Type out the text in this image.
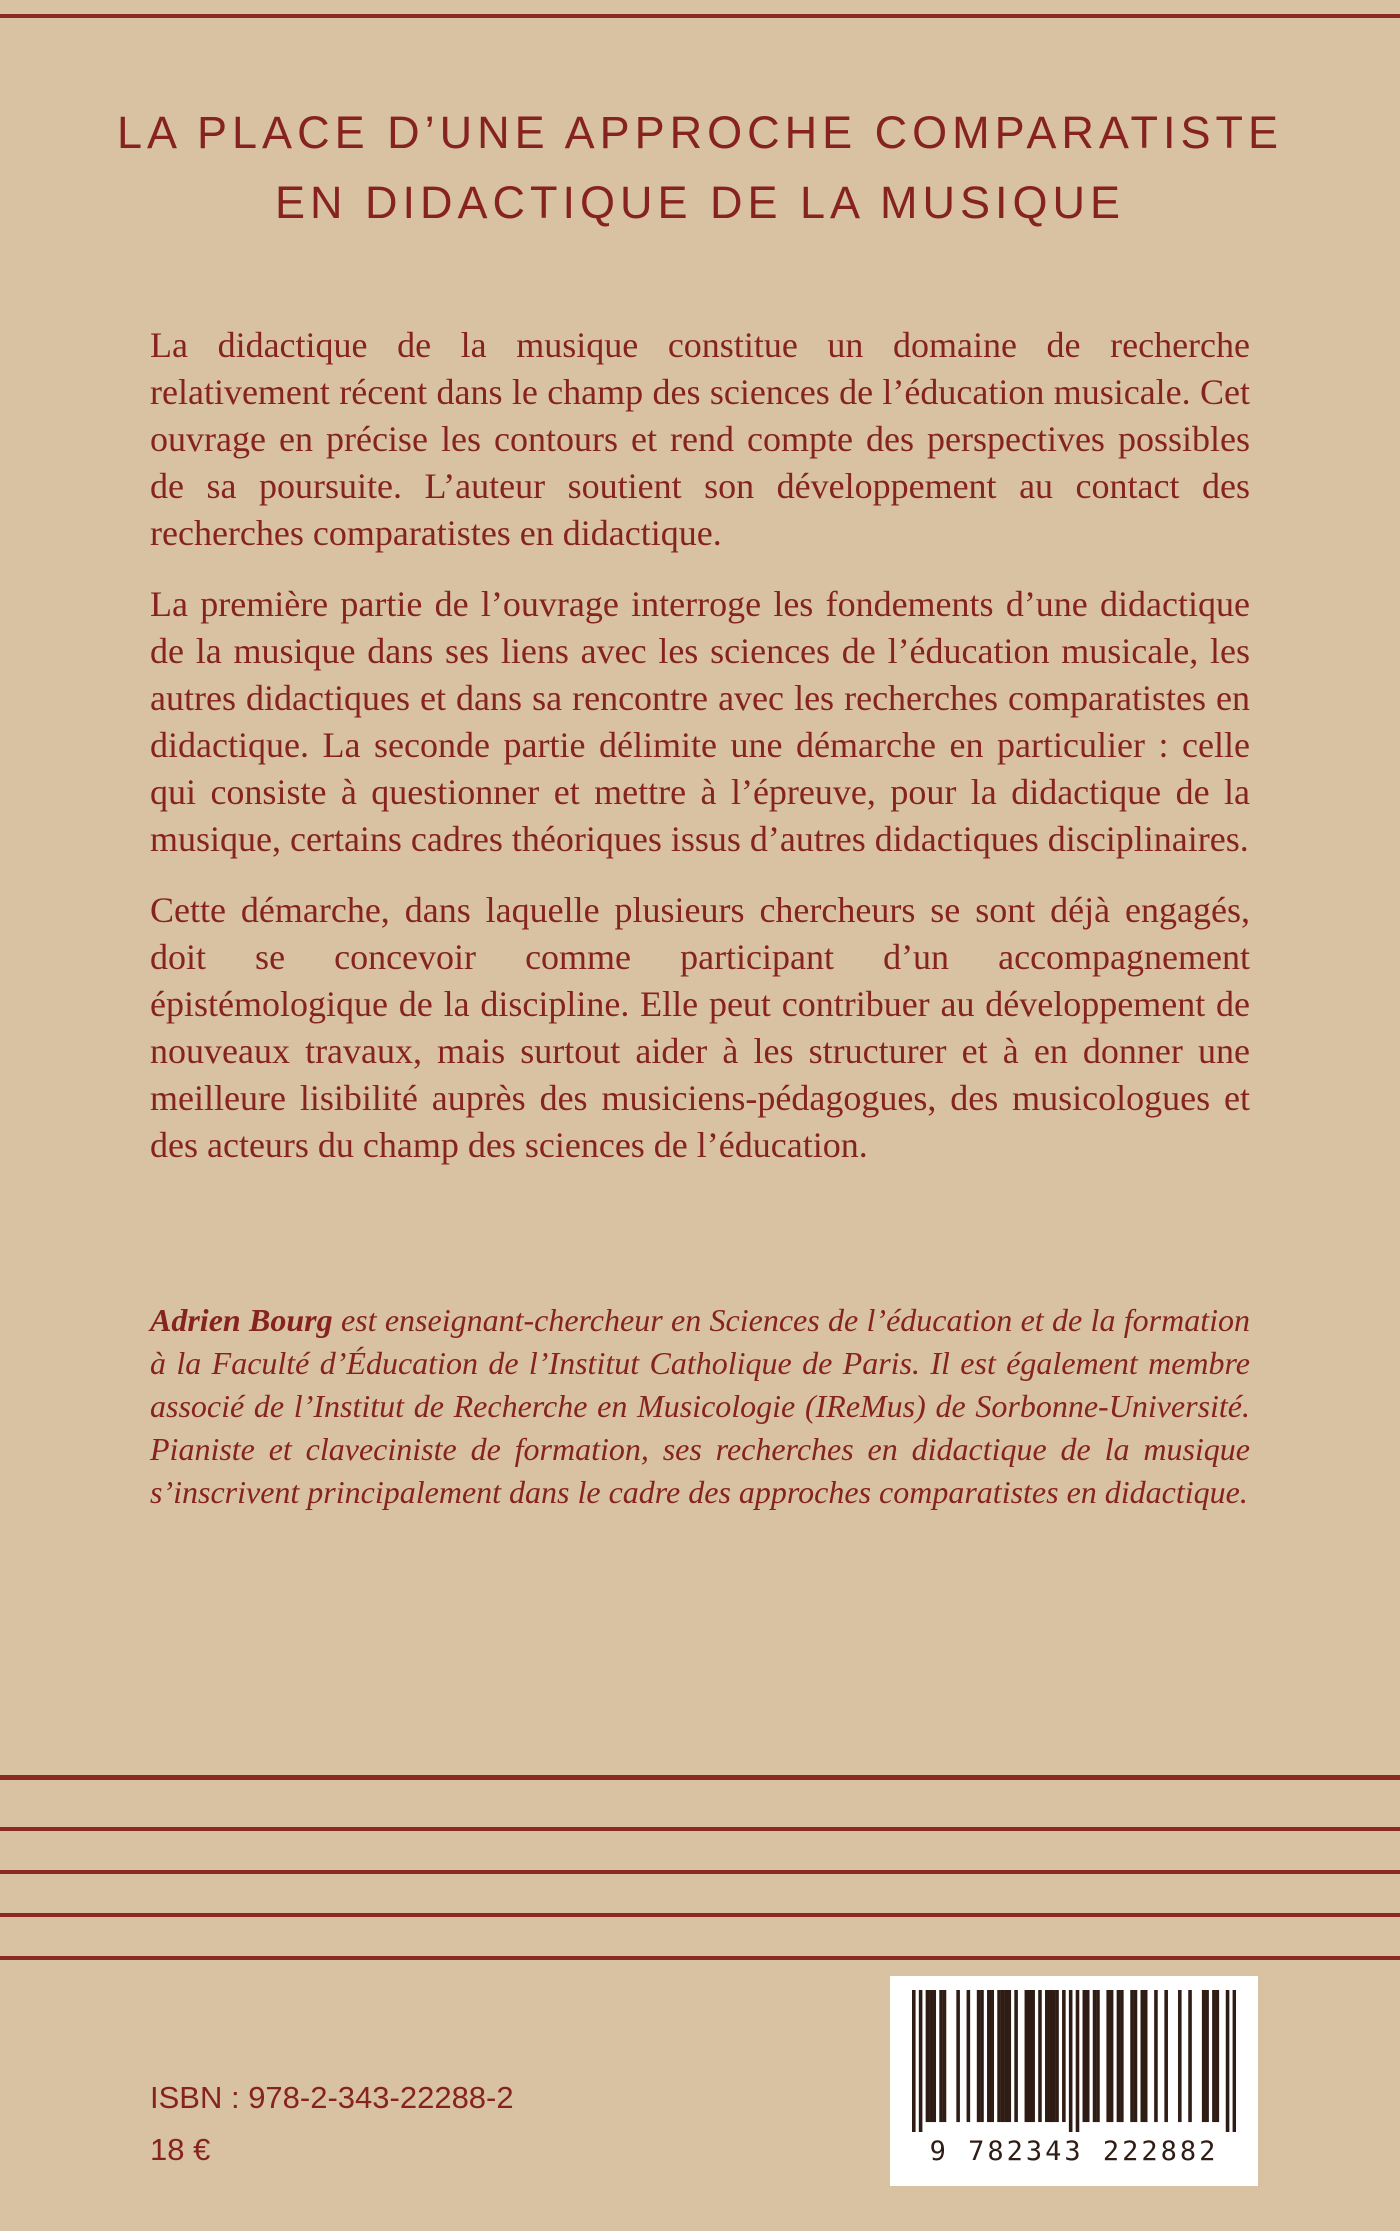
LA PLACE D’UNE APPROCHE COMPARATISTE
EN DIDACTIQUE DE LA MUSIQUE

La didactique de la musique constitue un domaine de recherche relativement récent dans le champ des sciences de l’éducation musicale. Cet ouvrage en précise les contours et rend compte des perspectives possibles de sa poursuite. L’auteur soutient son développement au contact des recherches comparatistes en didactique.

La première partie de l’ouvrage interroge les fondements d’une didactique de la musique dans ses liens avec les sciences de l’éducation musicale, les autres didactiques et dans sa rencontre avec les recherches comparatistes en didactique. La seconde partie délimite une démarche en particulier : celle qui consiste à questionner et mettre à l’épreuve, pour la didactique de la musique, certains cadres théoriques issus d’autres didactiques disciplinaires.

Cette démarche, dans laquelle plusieurs chercheurs se sont déjà engagés, doit se concevoir comme participant d’un accompagnement épistémologique de la discipline. Elle peut contribuer au développement de nouveaux travaux, mais surtout aider à les structurer et à en donner une meilleure lisibilité auprès des musiciens-pédagogues, des musicologues et des acteurs du champ des sciences de l’éducation.

Adrien Bourg est enseignant-chercheur en Sciences de l’éducation et de la formation à la Faculté d’Éducation de l’Institut Catholique de Paris. Il est également membre associé de l’Institut de Recherche en Musicologie (IReMus) de Sorbonne-Université. Pianiste et claveciniste de formation, ses recherches en didactique de la musique s’inscrivent principalement dans le cadre des approches comparatistes en didactique.
ISBN : 978-2-343-22288-2
18 €	9 782343 222882
